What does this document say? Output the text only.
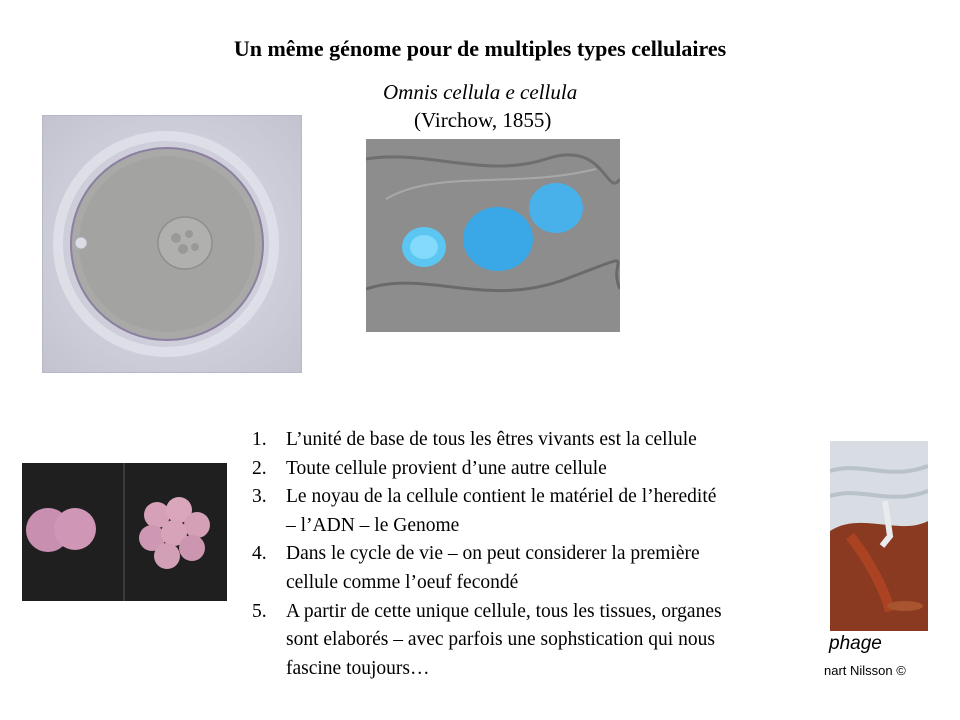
Un même génome pour de multiples types cellulaires
Omnis cellula e cellula
(Virchow, 1855)
phage
nart Nilsson ©
1. L’unité de base de tous les êtres vivants est la cellule
2. Toute cellule provient d’une autre cellule
3. Le noyau de la cellule contient le matériel de l’heredité
– l’ADN – le Genome
4. Dans le cycle de vie – on peut considerer la première
cellule comme l’oeuf fecondé
5. A partir de cette unique cellule, tous les tissues, organes
sont elaborés – avec parfois une sophstication qui nous
fascine toujours…
